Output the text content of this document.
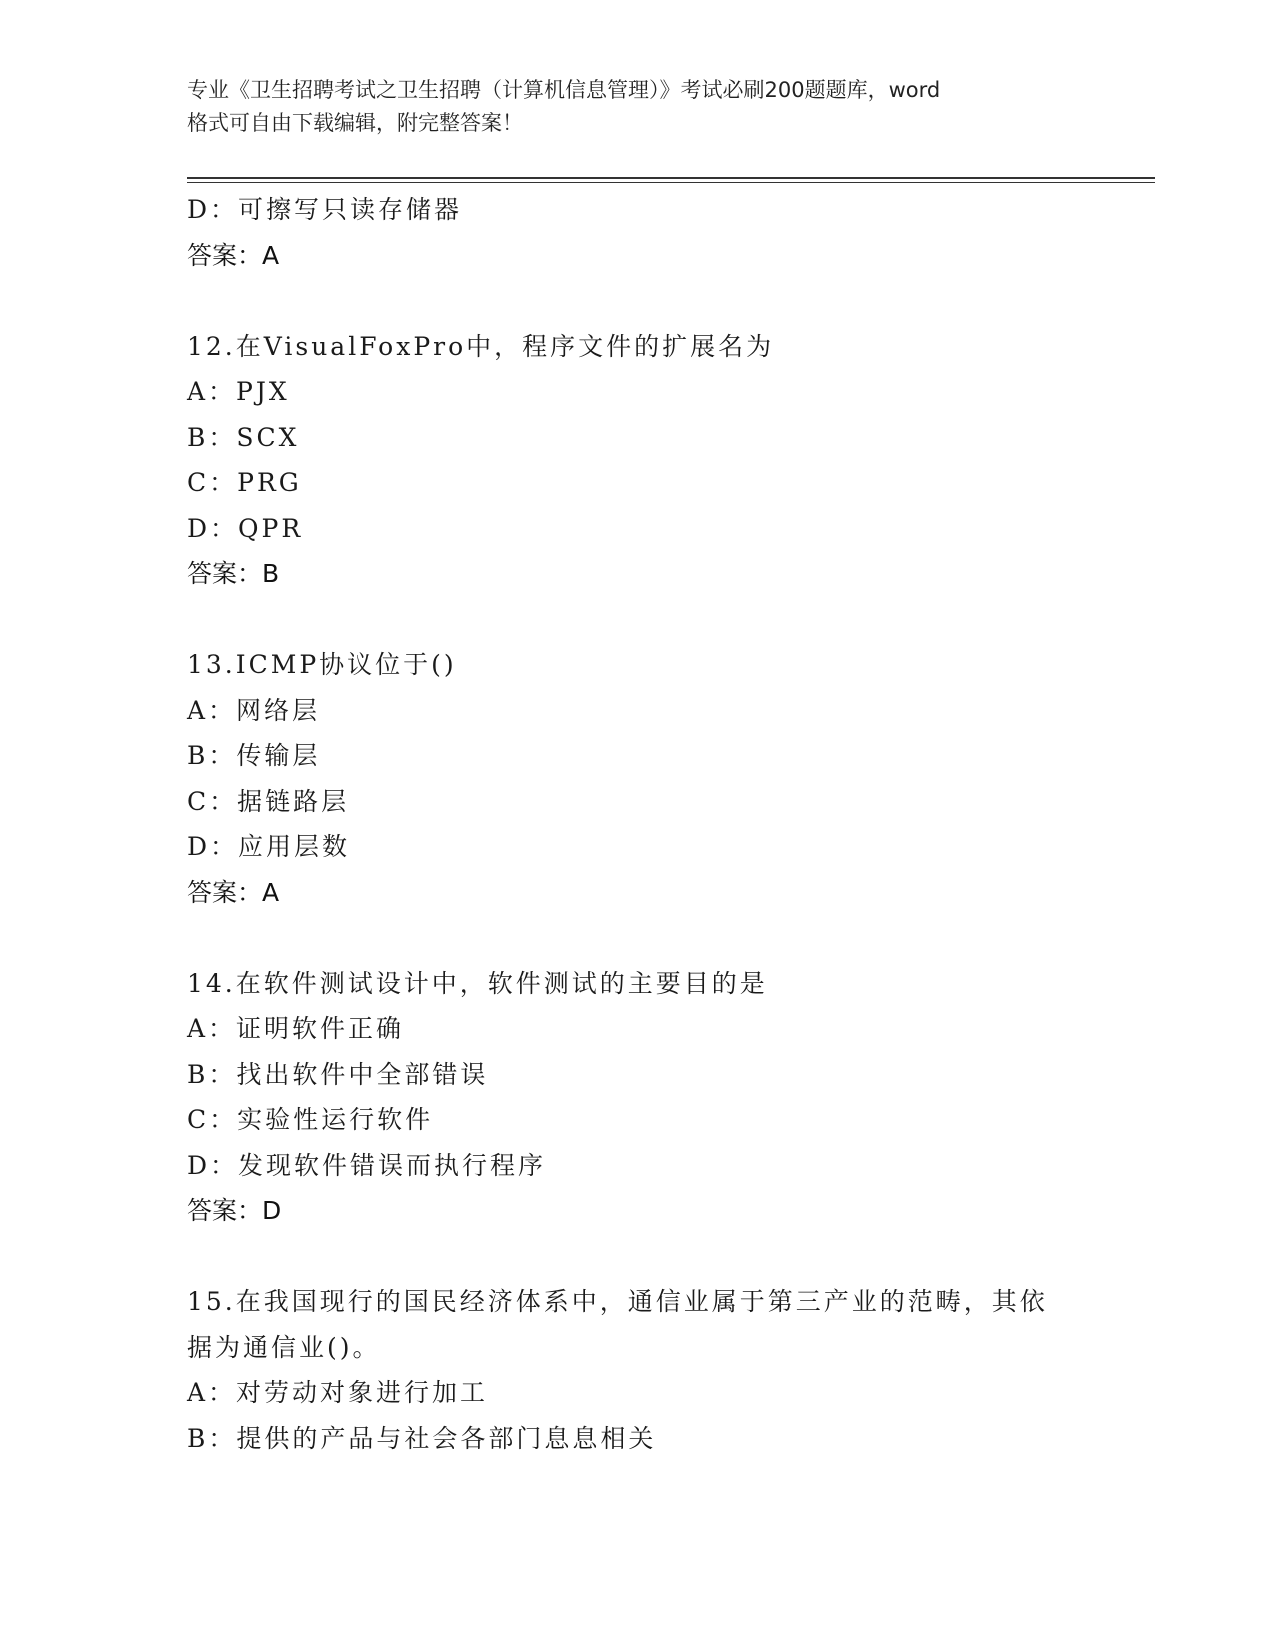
专业《卫生招聘考试之卫生招聘（计算机信息管理）》考试必刷200题题库，word
格式可自由下载编辑，附完整答案！
D：可擦写只读存储器
答案：A
12.在VisualFoxPro中，程序文件的扩展名为
A：PJX
B：SCX
C：PRG
D：QPR
答案：B
13.ICMP协议位于()
A：网络层
B：传输层
C：据链路层
D：应用层数
答案：A
14.在软件测试设计中，软件测试的主要目的是
A：证明软件正确
B：找出软件中全部错误
C：实验性运行软件
D：发现软件错误而执行程序
答案：D
15.在我国现行的国民经济体系中，通信业属于第三产业的范畴，其依
据为通信业()。
A：对劳动对象进行加工
B：提供的产品与社会各部门息息相关
